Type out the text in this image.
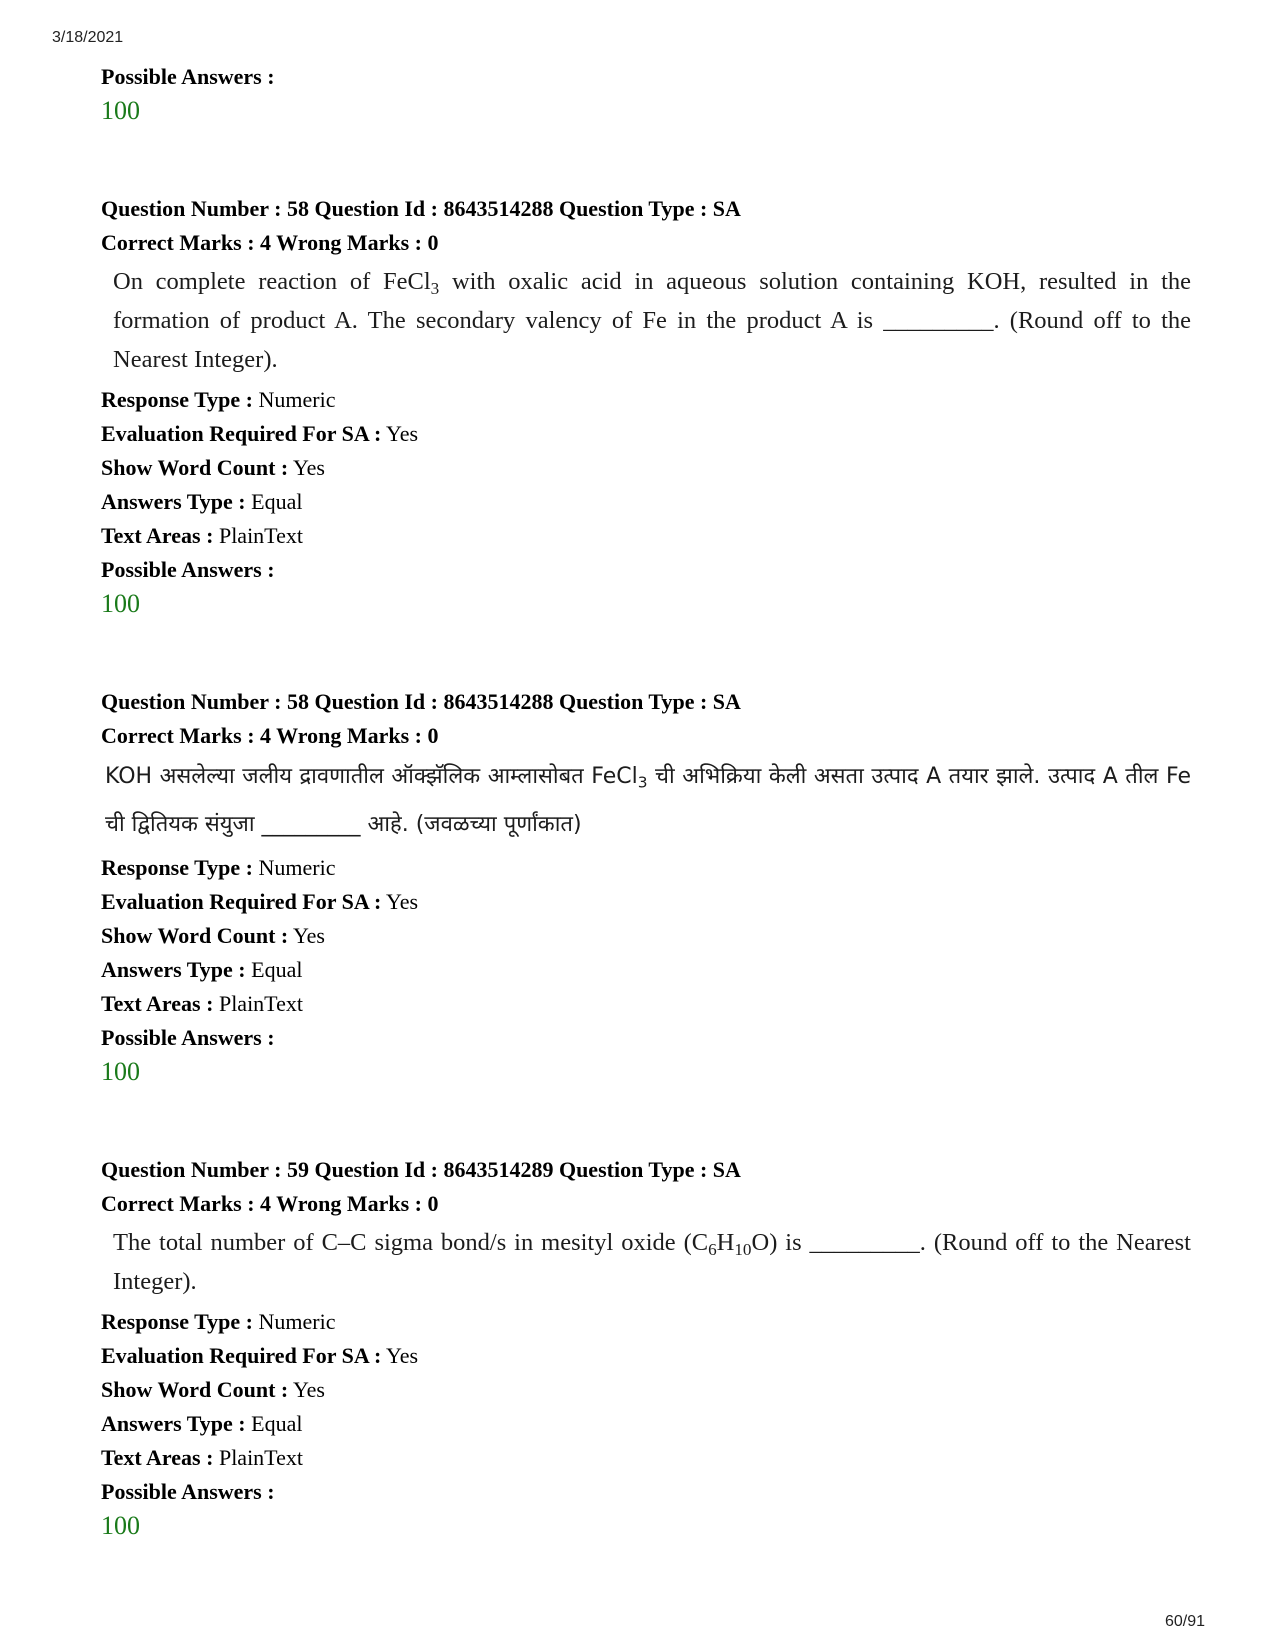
3/18/2021
Possible Answers :
100
Question Number : 58 Question Id : 8643514288 Question Type : SA
Correct Marks : 4 Wrong Marks : 0
On complete reaction of FeCl$_3$ with oxalic acid in aqueous solution containing KOH, resulted in the formation of product A. The secondary valency of Fe in the product A is _________. (Round off to the Nearest Integer).
Response Type : Numeric
Evaluation Required For SA : Yes
Show Word Count : Yes
Answers Type : Equal
Text Areas : PlainText
Possible Answers :
100
Question Number : 58 Question Id : 8643514288 Question Type : SA
Correct Marks : 4 Wrong Marks : 0
KOH असलेल्या जलीय द्रावणातील ऑक्झॅलिक आम्लासोबत FeCl$_3$ ची अभिक्रिया केली असता उत्पाद A तयार झाले. उत्पाद A तील Fe ची द्वितियक संयुजा _________ आहे. (जवळच्या पूर्णांकात)
Response Type : Numeric
Evaluation Required For SA : Yes
Show Word Count : Yes
Answers Type : Equal
Text Areas : PlainText
Possible Answers :
100
Question Number : 59 Question Id : 8643514289 Question Type : SA
Correct Marks : 4 Wrong Marks : 0
The total number of C–C sigma bond/s in mesityl oxide $(C_6H_{10}O)$ is _________. (Round off to the Nearest Integer).
Response Type : Numeric
Evaluation Required For SA : Yes
Show Word Count : Yes
Answers Type : Equal
Text Areas : PlainText
Possible Answers :
100
60/91
